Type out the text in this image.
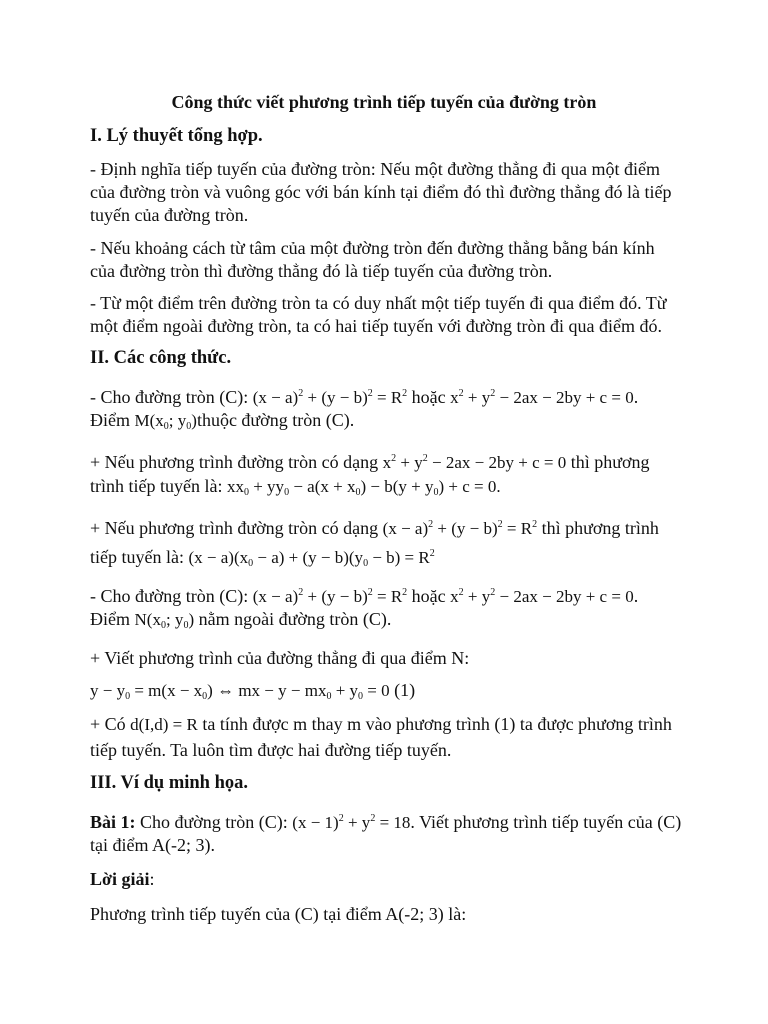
Công thức viết phương trình tiếp tuyến của đường tròn
I. Lý thuyết tổng hợp.
- Định nghĩa tiếp tuyến của đường tròn: Nếu một đường thẳng đi qua một điểm của đường tròn và vuông góc với bán kính tại điểm đó thì đường thẳng đó là tiếp tuyến của đường tròn.
- Nếu khoảng cách từ tâm của một đường tròn đến đường thẳng bằng bán kính của đường tròn thì đường thẳng đó là tiếp tuyến của đường tròn.
- Từ một điểm trên đường tròn ta có duy nhất một tiếp tuyến đi qua điểm đó. Từ một điểm ngoài đường tròn, ta có hai tiếp tuyến với đường tròn đi qua điểm đó.
II. Các công thức.
- Cho đường tròn (C): $(x - a)^2 + (y - b)^2 = R^2$ hoặc $x^2 + y^2 - 2ax - 2by + c = 0$.
Điểm $M(x_0$; $y_0)thuộc$ đường tròn (C).
+ Nếu phương trình đường tròn có dạng $x^2 + y^2 - 2ax - 2by + c = 0$ thì phương
trình tiếp tuyến là: $xx_0 + yy_0 - a(x + x_0) - b(y + y_0) + c = 0$.
+ Nếu phương trình đường tròn có dạng $(x - a)^2 + (y - b)^2 = R^2$ thì phương trình
tiếp tuyến là: $(x - a)(x_0 - a) + (y - b)(y_0 - b) = R^2$
- Cho đường tròn (C): $(x - a)^2 + (y - b)^2 = R^2$ hoặc $x^2 + y^2 - 2ax - 2by + c = 0$.
Điểm $N(x_0$; $y_0$) nằm ngoài đường tròn (C).
+ Viết phương trình của đường thẳng đi qua điểm N:
$y - y_0 = m(x - x_0)$ ⇔ mx − $y - mx_0 + y_0 = 0$ (1)
+ Có d(I,d) = R ta tính được m thay m vào phương trình (1) ta được phương trình
tiếp tuyến. Ta luôn tìm được hai đường tiếp tuyến.
III. Ví dụ minh họa.
Bài 1: Cho đường tròn (C): $(x - 1)^2 + y^2 = 18$. Viết phương trình tiếp tuyến của (C)
tại điểm A(-2; 3).
Lời giải:
Phương trình tiếp tuyến của (C) tại điểm A(-2; 3) là:
